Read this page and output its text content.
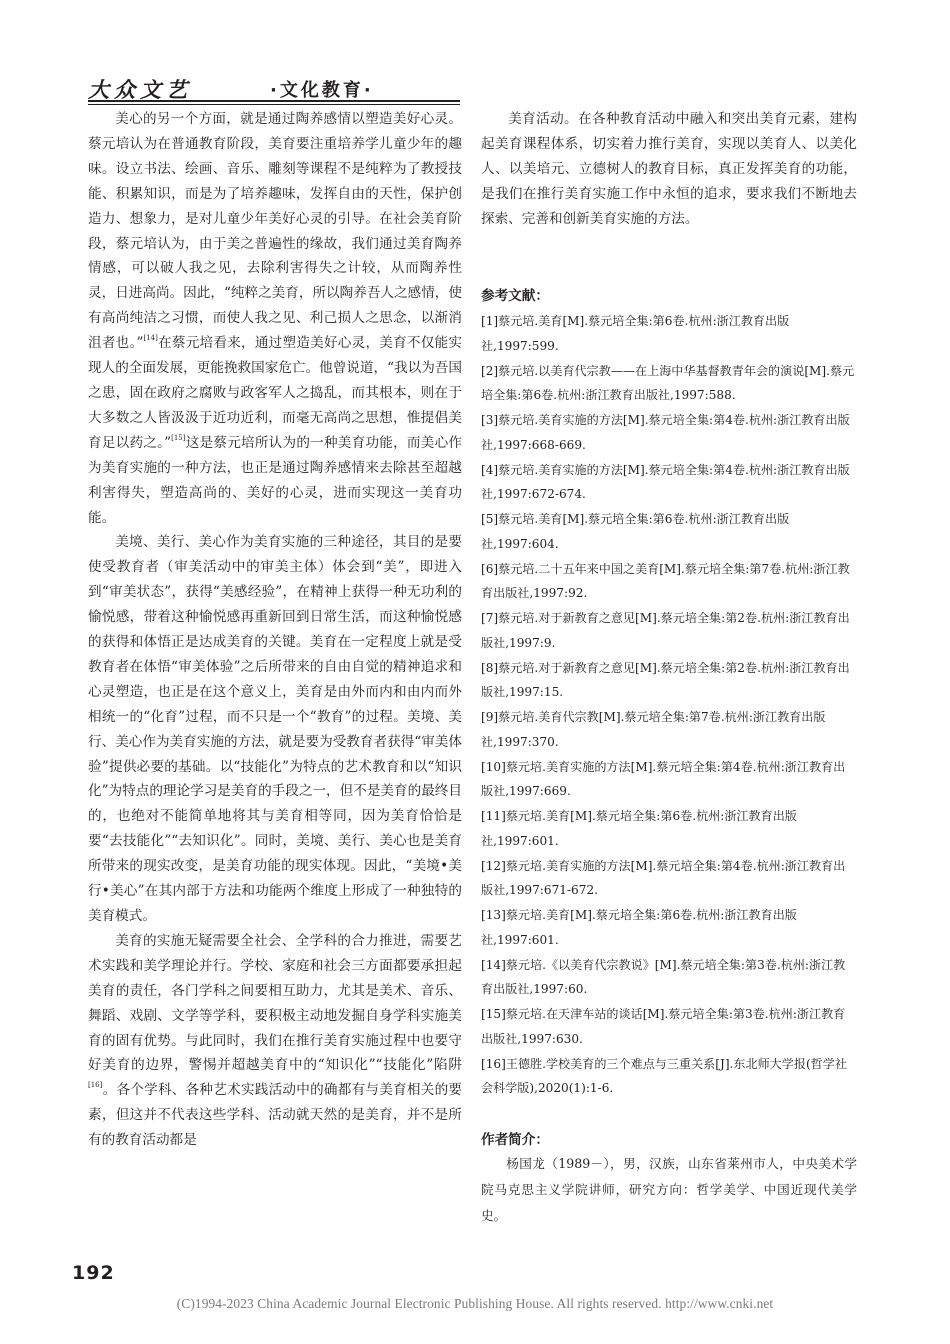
大众文艺	·文化教育·

美心的另一个方面，就是通过陶养感情以塑造美好心灵。蔡元培认为在普通教育阶段，美育要注重培养学儿童少年的趣味。设立书法、绘画、音乐、雕刻等课程不是纯粹为了教授技能、积累知识，而是为了培养趣味，发挥自由的天性，保护创造力、想象力，是对儿童少年美好心灵的引导。在社会美育阶段，蔡元培认为，由于美之普遍性的缘故，我们通过美育陶养情感，可以破人我之见，去除利害得失之计较，从而陶养性灵，日进高尚。因此，“纯粹之美育，所以陶养吾人之感情，使有高尚纯洁之习惯，而使人我之见、利己损人之思念，以渐消沮者也。”[14]在蔡元培看来，通过塑造美好心灵，美育不仅能实现人的全面发展，更能挽救国家危亡。他曾说道，“我以为吾国之患，固在政府之腐败与政客军人之捣乱，而其根本，则在于大多数之人皆汲汲于近功近利，而毫无高尚之思想，惟提倡美育足以药之。”[15]这是蔡元培所认为的一种美育功能，而美心作为美育实施的一种方法，也正是通过陶养感情来去除甚至超越利害得失，塑造高尚的、美好的心灵，进而实现这一美育功能。

美境、美行、美心作为美育实施的三种途径，其目的是要使受教育者（审美活动中的审美主体）体会到“美”，即进入到“审美状态”，获得“美感经验”，在精神上获得一种无功利的愉悦感，带着这种愉悦感再重新回到日常生活，而这种愉悦感的获得和体悟正是达成美育的关键。美育在一定程度上就是受教育者在体悟“审美体验”之后所带来的自由自觉的精神追求和心灵塑造，也正是在这个意义上，美育是由外而内和由内而外相统一的“化育”过程，而不只是一个“教育”的过程。美境、美行、美心作为美育实施的方法，就是要为受教育者获得“审美体验”提供必要的基础。以“技能化”为特点的艺术教育和以“知识化”为特点的理论学习是美育的手段之一，但不是美育的最终目的，也绝对不能简单地将其与美育相等同，因为美育恰恰是要“去技能化”“去知识化”。同时，美境、美行、美心也是美育所带来的现实改变，是美育功能的现实体现。因此，“美境•美行•美心”在其内部于方法和功能两个维度上形成了一种独特的美育模式。

美育的实施无疑需要全社会、全学科的合力推进，需要艺术实践和美学理论并行。学校、家庭和社会三方面都要承担起美育的责任，各门学科之间要相互助力，尤其是美术、音乐、舞蹈、戏剧、文学等学科，要积极主动地发掘自身学科实施美育的固有优势。与此同时，我们在推行美育实施过程中也要守好美育的边界，警惕并超越美育中的“知识化”“技能化”陷阱[16]。各个学科、各种艺术实践活动中的确都有与美育相关的要素，但这并不代表这些学科、活动就天然的是美育，并不是所有的教育活动都是

美育活动。在各种教育活动中融入和突出美育元素，建构起美育课程体系，切实着力推行美育，实现以美育人、以美化人、以美培元、立德树人的教育目标，真正发挥美育的功能，是我们在推行美育实施工作中永恒的追求，要求我们不断地去探索、完善和创新美育实施的方法。

参考文献：

[1]蔡元培.美育[M].蔡元培全集:第6卷.杭州:浙江教育出版社,1997:599.

[2]蔡元培.以美育代宗教——在上海中华基督教青年会的演说[M].蔡元培全集:第6卷.杭州:浙江教育出版社,1997:588.

[3]蔡元培.美育实施的方法[M].蔡元培全集:第4卷.杭州:浙江教育出版社,1997:668-669.

[4]蔡元培.美育实施的方法[M].蔡元培全集:第4卷.杭州:浙江教育出版社,1997:672-674.

[5]蔡元培.美育[M].蔡元培全集:第6卷.杭州:浙江教育出版社,1997:604.

[6]蔡元培.二十五年来中国之美育[M].蔡元培全集:第7卷.杭州:浙江教育出版社,1997:92.

[7]蔡元培.对于新教育之意见[M].蔡元培全集:第2卷.杭州:浙江教育出版社,1997:9.

[8]蔡元培.对于新教育之意见[M].蔡元培全集:第2卷.杭州:浙江教育出版社,1997:15.

[9]蔡元培.美育代宗教[M].蔡元培全集:第7卷.杭州:浙江教育出版社,1997:370.

[10]蔡元培.美育实施的方法[M].蔡元培全集:第4卷.杭州:浙江教育出版社,1997:669.

[11]蔡元培.美育[M].蔡元培全集:第6卷.杭州:浙江教育出版社,1997:601.

[12]蔡元培.美育实施的方法[M].蔡元培全集:第4卷.杭州:浙江教育出版社,1997:671-672.

[13]蔡元培.美育[M].蔡元培全集:第6卷.杭州:浙江教育出版社,1997:601.

[14]蔡元培.《以美育代宗教说》[M].蔡元培全集:第3卷.杭州:浙江教育出版社,1997:60.

[15]蔡元培.在天津车站的谈话[M].蔡元培全集:第3卷.杭州:浙江教育出版社,1997:630.

[16]王德胜.学校美育的三个难点与三重关系[J].东北师大学报(哲学社会科学版),2020(1):1-6.

作者简介：

杨国龙（1989－），男，汉族，山东省莱州市人，中央美术学院马克思主义学院讲师，研究方向：哲学美学、中国近现代美学史。

192
(C)1994-2023 China Academic Journal Electronic Publishing House. All rights reserved. http://www.cnki.net
